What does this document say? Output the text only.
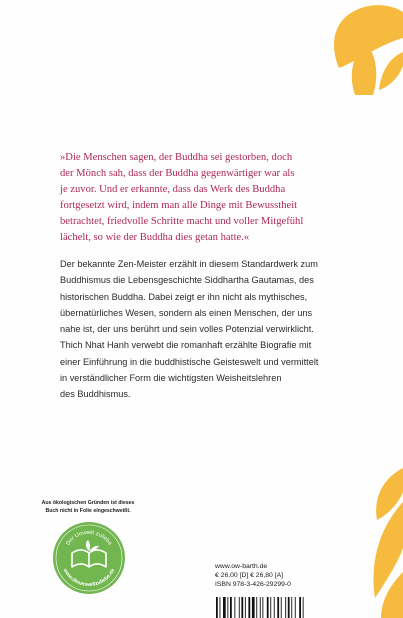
»Die Menschen sagen, der Buddha sei gestorben, doch
der Mönch sah, dass der Buddha gegenwärtiger war als
je zuvor. Und er erkannte, dass das Werk des Buddha
fortgesetzt wird, indem man alle Dinge mit Bewusstheit
betrachtet, friedvolle Schritte macht und voller Mitgefühl
lächelt, so wie der Buddha dies getan hatte.«

Der bekannte Zen-Meister erzählt in diesem Standardwerk zum
Buddhismus die Lebensgeschichte Siddhartha Gautamas, des
historischen Buddha. Dabei zeigt er ihn nicht als mythisches,
übernatürliches Wesen, sondern als einen Menschen, der uns
nahe ist, der uns berührt und sein volles Potenzial verwirklicht.
Thich Nhat Hanh verwebt die romanhaft erzählte Biografie mit
einer Einführung in die buddhistische Geisteswelt und vermittelt
in verständlicher Form die wichtigsten Weisheitslehren
des Buddhismus.

Aus ökologischen Gründen ist dieses
Buch nicht in Folie eingeschweißt.
Der Umwelt zuliebe
www.dieumweltzuliebe.de
www.ow-barth.de
€ 26,00 [D] € 26,80 [A]
ISBN 978-3-426-29299-0
